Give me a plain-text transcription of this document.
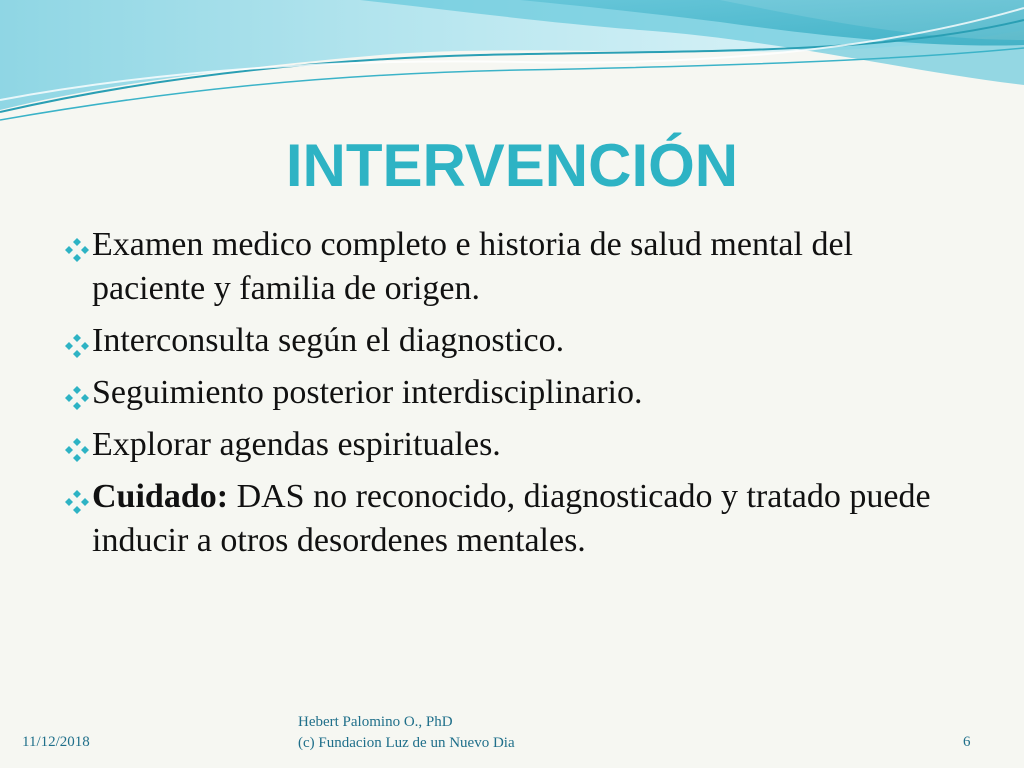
INTERVENCIÓN
Examen medico completo e historia de salud mental del paciente y familia de origen.
Interconsulta según el diagnostico.
Seguimiento posterior interdisciplinario.
Explorar agendas espirituales.
Cuidado: DAS no reconocido, diagnosticado y tratado puede inducir a otros desordenes mentales.
11/12/2018
Hebert Palomino O., PhD
(c) Fundacion Luz de un Nuevo Dia	6
